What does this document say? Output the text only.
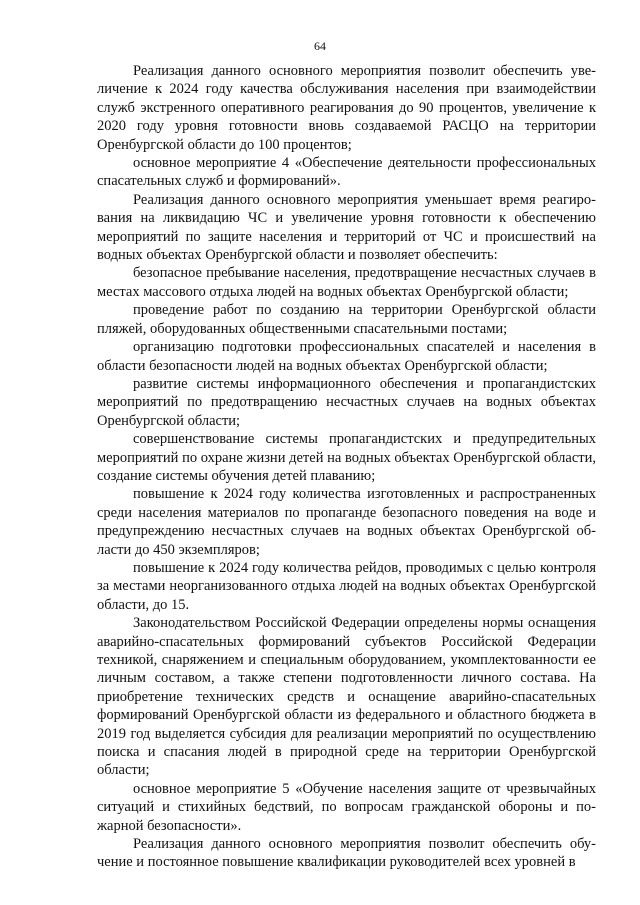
64

Реализация данного основного мероприятия позволит обеспечить увеличение к 2024 году качества обслуживания населения при взаимодействии служб экстренного оперативного реагирования до 90 процентов, увеличение к 2020 году уровня готовности вновь создаваемой РАСЦО на территории Оренбургской области до 100 процентов;

основное мероприятие 4 «Обеспечение деятельности профессиональных спасательных служб и формирований».

Реализация данного основного мероприятия уменьшает время реагирования на ликвидацию ЧС и увеличение уровня готовности к обеспечению мероприятий по защите населения и территорий от ЧС и происшествий на водных объектах Оренбургской области и позволяет обеспечить:

безопасное пребывание населения, предотвращение несчастных случаев в местах массового отдыха людей на водных объектах Оренбургской области;

проведение работ по созданию на территории Оренбургской области пляжей, оборудованных общественными спасательными постами;

организацию подготовки профессиональных спасателей и населения в области безопасности людей на водных объектах Оренбургской области;

развитие системы информационного обеспечения и пропагандистских мероприятий по предотвращению несчастных случаев на водных объектах Оренбургской области;

совершенствование системы пропагандистских и предупредительных мероприятий по охране жизни детей на водных объектах Оренбургской области, создание системы обучения детей плаванию;

повышение к 2024 году количества изготовленных и распространенных среди населения материалов по пропаганде безопасного поведения на воде и предупреждению несчастных случаев на водных объектах Оренбургской области до 450 экземпляров;

повышение к 2024 году количества рейдов, проводимых с целью контроля за местами неорганизованного отдыха людей на водных объектах Оренбургской области, до 15.

Законодательством Российской Федерации определены нормы оснащения аварийно-спасательных формирований субъектов Российской Федерации техникой, снаряжением и специальным оборудованием, укомплектованности ее личным составом, а также степени подготовленности личного состава. На приобретение технических средств и оснащение аварийно-спасательных формирований Оренбургской области из федерального и областного бюджета в 2019 год выделяется субсидия для реализации мероприятий по осуществлению поиска и спасания людей в природной среде на территории Оренбургской области;

основное мероприятие 5 «Обучение населения защите от чрезвычайных ситуаций и стихийных бедствий, по вопросам гражданской обороны и пожарной безопасности».

Реализация данного основного мероприятия позволит обеспечить обучение и постоянное повышение квалификации руководителей всех уровней в
